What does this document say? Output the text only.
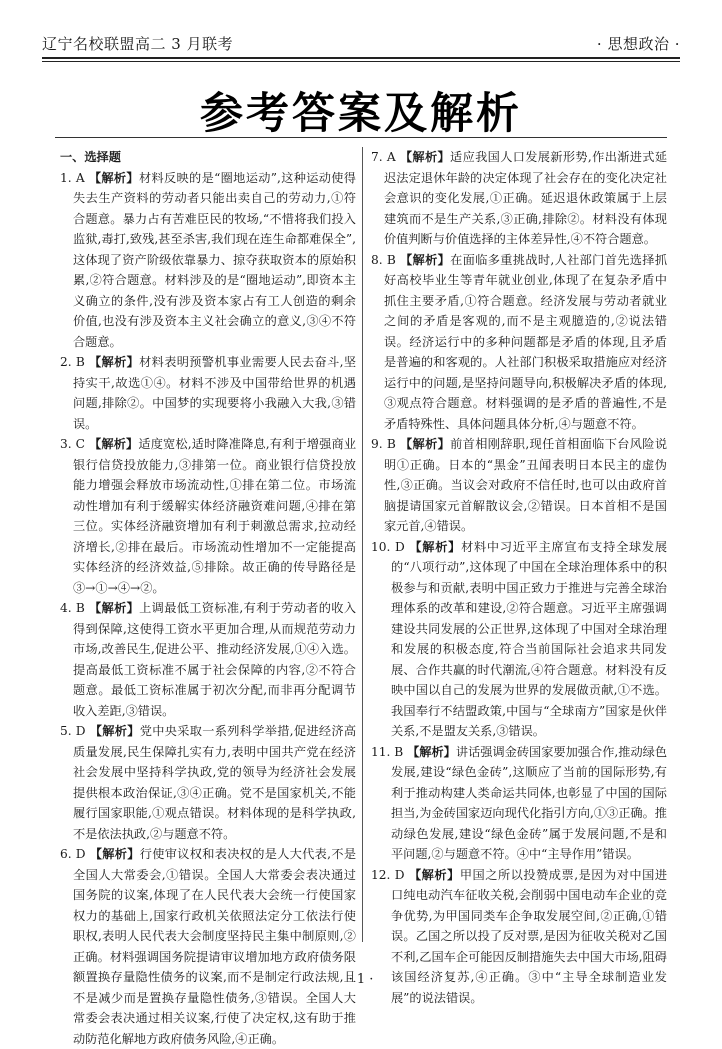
辽宁名校联盟高二 3 月联考	· 思想政治 ·
参考答案及解析
一、选择题

1. A 【解析】材料反映的是“圈地运动”,这种运动使得失去生产资料的劳动者只能出卖自己的劳动力,①符合题意。暴力占有苦难臣民的牧场,“不惜将我们投入监狱,毒打,致残,甚至杀害,我们现在连生命都难保全”,这体现了资产阶级依靠暴力、掠夺获取资本的原始积累,②符合题意。材料涉及的是“圈地运动”,即资本主义确立的条件,没有涉及资本家占有工人创造的剩余价值,也没有涉及资本主义社会确立的意义,③④不符合题意。

2. B 【解析】材料表明预警机事业需要人民去奋斗,坚持实干,故选①④。材料不涉及中国带给世界的机遇问题,排除②。中国梦的实现要将小我融入大我,③错误。

3. C 【解析】适度宽松,适时降准降息,有利于增强商业银行信贷投放能力,③排第一位。商业银行信贷投放能力增强会释放市场流动性,①排在第二位。市场流动性增加有利于缓解实体经济融资难问题,④排在第三位。实体经济融资增加有利于刺激总需求,拉动经济增长,②排在最后。市场流动性增加不一定能提高实体经济的经济效益,⑤排除。故正确的传导路径是③→①→④→②。

4. B 【解析】上调最低工资标准,有利于劳动者的收入得到保障,这使得工资水平更加合理,从而规范劳动力市场,改善民生,促进公平、推动经济发展,①④入选。提高最低工资标准不属于社会保障的内容,②不符合题意。最低工资标准属于初次分配,而非再分配调节收入差距,③错误。

5. D 【解析】党中央采取一系列科学举措,促进经济高质量发展,民生保障扎实有力,表明中国共产党在经济社会发展中坚持科学执政,党的领导为经济社会发展提供根本政治保证,③④正确。党不是国家机关,不能履行国家职能,①观点错误。材料体现的是科学执政,不是依法执政,②与题意不符。

6. D 【解析】行使审议权和表决权的是人大代表,不是全国人大常委会,①错误。全国人大常委会表决通过国务院的议案,体现了在人民代表大会统一行使国家权力的基础上,国家行政机关依照法定分工依法行使职权,表明人民代表大会制度坚持民主集中制原则,②正确。材料强调国务院提请审议增加地方政府债务限额置换存量隐性债务的议案,而不是制定行政法规,且不是减少而是置换存量隐性债务,③错误。全国人大常委会表决通过相关议案,行使了决定权,这有助于推动防范化解地方政府债务风险,④正确。

7. A 【解析】适应我国人口发展新形势,作出渐进式延迟法定退休年龄的决定体现了社会存在的变化决定社会意识的变化发展,①正确。延迟退休政策属于上层建筑而不是生产关系,③正确,排除②。材料没有体现价值判断与价值选择的主体差异性,④不符合题意。

8. B 【解析】在面临多重挑战时,人社部门首先选择抓好高校毕业生等青年就业创业,体现了在复杂矛盾中抓住主要矛盾,①符合题意。经济发展与劳动者就业之间的矛盾是客观的,而不是主观臆造的,②说法错误。经济运行中的多种问题都是矛盾的体现,且矛盾是普遍的和客观的。人社部门积极采取措施应对经济运行中的问题,是坚持问题导向,积极解决矛盾的体现,③观点符合题意。材料强调的是矛盾的普遍性,不是矛盾特殊性、具体问题具体分析,④与题意不符。

9. B 【解析】前首相刚辞职,现任首相面临下台风险说明①正确。日本的“黑金”丑闻表明日本民主的虚伪性,③正确。当议会对政府不信任时,也可以由政府首脑提请国家元首解散议会,②错误。日本首相不是国家元首,④错误。

10. D 【解析】材料中习近平主席宣布支持全球发展的“八项行动”,这体现了中国在全球治理体系中的积极参与和贡献,表明中国正致力于推进与完善全球治理体系的改革和建设,②符合题意。习近平主席强调建设共同发展的公正世界,这体现了中国对全球治理和发展的积极态度,符合当前国际社会追求共同发展、合作共赢的时代潮流,④符合题意。材料没有反映中国以自己的发展为世界的发展做贡献,①不选。我国奉行不结盟政策,中国与“全球南方”国家是伙伴关系,不是盟友关系,③错误。

11. B 【解析】讲话强调金砖国家要加强合作,推动绿色发展,建设“绿色金砖”,这顺应了当前的国际形势,有利于推动构建人类命运共同体,也彰显了中国的国际担当,为金砖国家迈向现代化指引方向,①③正确。推动绿色发展,建设“绿色金砖”属于发展问题,不是和平问题,②与题意不符。④中“主导作用”错误。

12. D 【解析】甲国之所以投赞成票,是因为对中国进口纯电动汽车征收关税,会削弱中国电动车企业的竞争优势,为甲国同类车企争取发展空间,②正确,①错误。乙国之所以投了反对票,是因为征收关税对乙国不利,乙国车企可能因反制措施失去中国大市场,阻碍该国经济复苏,④正确。③中“主导全球制造业发展”的说法错误。

· 1 ·
